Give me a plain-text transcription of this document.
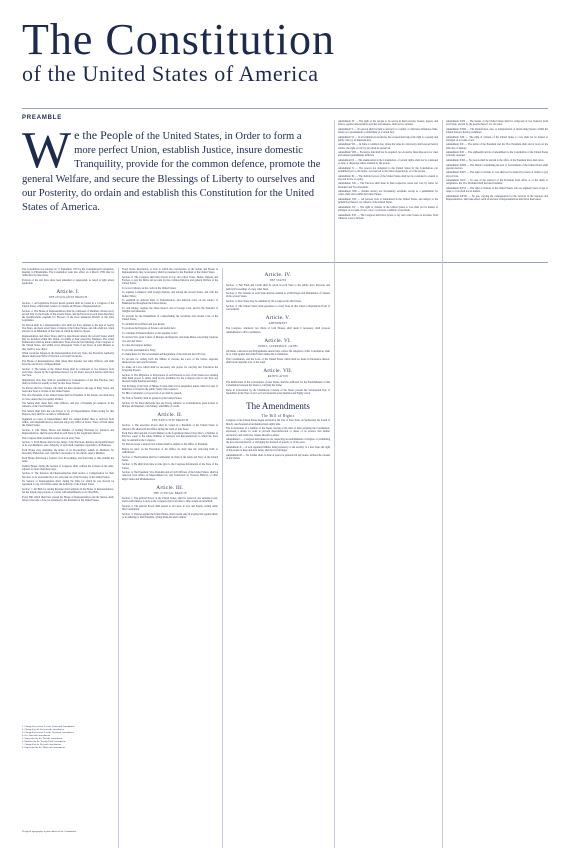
The Constitution
of the United States of America
PREAMBLE
We the People of the United States, in Order to form a more perfect Union, establish Justice, insure domestic Tranquility, provide for the common defence, promote the general Welfare, and secure the Blessings of Liberty to ourselves and our Posterity, do ordain and establish this Constitution for the United States of America.

The Constitution was adopted on 17 September 1787 by the Constitutional Convention, meeting in Philadelphia. The Constitution went into effect on 4 March 1789 after its ratification by nine states.

Portions of the text have since been amended or superseded, as noted at right where applicable.

Article. I.
THE LEGISLATIVE BRANCH

Section. 1. All legislative Powers herein granted shall be vested in a Congress of the United States, which shall consist of a Senate and House of Representatives.

Section. 2. The House of Representatives shall be composed of Members chosen every second Year by the People of the several States, and the Electors in each State shall have the Qualifications requisite for Electors of the most numerous Branch of the State Legislature.

No Person shall be a Representative who shall not have attained to the Age of twenty five Years, and been seven Years a Citizen of the United States, and who shall not, when elected, be an Inhabitant of that State in which he shall be chosen.

Representatives and direct Taxes shall be apportioned among the several States which may be included within this Union, according to their respective Numbers. The actual Enumeration shall be made within three Years after the first Meeting of the Congress of the United States, and within every subsequent Term of ten Years, in such Manner as they shall by Law direct.

When vacancies happen in the Representation from any State, the Executive Authority thereof shall issue Writs of Election to fill such Vacancies.

The House of Representatives shall chuse their Speaker and other Officers; and shall have the sole Power of Impeachment.

Section. 3. The Senate of the United States shall be composed of two Senators from each State, chosen by the Legislature thereof, for six Years; and each Senator shall have one Vote.

Immediately after they shall be assembled in Consequence of the first Election, they shall be divided as equally as may be into three Classes.

No Person shall be a Senator who shall not have attained to the Age of thirty Years, and been nine Years a Citizen of the United States.

The Vice President of the United States shall be President of the Senate, but shall have no Vote, unless they be equally divided.

The Senate shall chuse their other Officers, and also a President pro tempore, in the Absence of the Vice President.

The Senate shall have the sole Power to try all Impeachments. When sitting for that Purpose, they shall be on Oath or Affirmation.

Judgment in Cases of Impeachment shall not extend further than to removal from Office, and disqualification to hold and enjoy any Office of honor, Trust or Profit under the United States.

Section. 4. The Times, Places and Manner of holding Elections for Senators and Representatives, shall be prescribed in each State by the Legislature thereof.

The Congress shall assemble at least once in every Year.

Section. 5. Each House shall be the Judge of the Elections, Returns and Qualifications of its own Members, and a Majority of each shall constitute a Quorum to do Business.

Each House may determine the Rules of its Proceedings, punish its Members for disorderly Behaviour, and, with the Concurrence of two thirds, expel a Member.

Each House shall keep a Journal of its Proceedings, and from time to time publish the same.

Neither House, during the Session of Congress, shall, without the Consent of the other, adjourn for more than three days.

Section. 6. The Senators and Representatives shall receive a Compensation for their Services, to be ascertained by Law, and paid out of the Treasury of the United States.

No Senator or Representative shall, during the Time for which he was elected, be appointed to any civil Office under the Authority of the United States.

Section. 7. All Bills for raising Revenue shall originate in the House of Representatives; but the Senate may propose or concur with Amendments as on other Bills.

Every Bill which shall have passed the House of Representatives and the Senate, shall, before it become a Law, be presented to the President of the United States.

Every Order, Resolution, or Vote to which the Concurrence of the Senate and House of Representatives may be necessary shall be presented to the President of the United States.

Section. 8. The Congress shall have Power To lay and collect Taxes, Duties, Imposts and Excises, to pay the Debts and provide for the common Defence and general Welfare of the United States;

To borrow Money on the credit of the United States;

To regulate Commerce with foreign Nations, and among the several States, and with the Indian Tribes;

To establish an uniform Rule of Naturalization, and uniform Laws on the subject of Bankruptcies throughout the United States;

To coin Money, regulate the Value thereof, and of foreign Coin, and fix the Standard of Weights and Measures;

To provide for the Punishment of counterfeiting the Securities and current Coin of the United States;

To establish Post Offices and post Roads;

To promote the Progress of Science and useful Arts;

To constitute Tribunals inferior to the supreme Court;

To declare War, grant Letters of Marque and Reprisal, and make Rules concerning Captures on Land and Water;

To raise and support Armies;

To provide and maintain a Navy;

To make Rules for the Government and Regulation of the land and naval Forces;

To provide for calling forth the Militia to execute the Laws of the Union, suppress Insurrections and repel Invasions;

To make all Laws which shall be necessary and proper for carrying into Execution the foregoing Powers.

Section. 9. The Migration or Importation of such Persons as any of the States now existing shall think proper to admit, shall not be prohibited by the Congress prior to the Year one thousand eight hundred and eight.

The Privilege of the Writ of Habeas Corpus shall not be suspended, unless when in Cases of Rebellion or Invasion the public Safety may require it.

No Bill of Attainder or ex post facto Law shall be passed.

No Title of Nobility shall be granted by the United States.

Section. 10. No State shall enter into any Treaty, Alliance, or Confederation; grant Letters of Marque and Reprisal; coin Money; emit Bills of Credit.

Article. II.
THE EXECUTIVE BRANCH

Section. 1. The executive Power shall be vested in a President of the United States of America. He shall hold his Office during the Term of four Years.

Each State shall appoint, in such Manner as the Legislature thereof may direct, a Number of Electors, equal to the whole Number of Senators and Representatives to which the State may be entitled in the Congress.

No Person except a natural born Citizen shall be eligible to the Office of President.

Before he enter on the Execution of his Office, he shall take the following Oath or Affirmation.

Section. 2. The President shall be Commander in Chief of the Army and Navy of the United States.

Section. 3. He shall from time to time give to the Congress Information of the State of the Union.

Section. 4. The President, Vice President and all civil Officers of the United States, shall be removed from Office on Impeachment for, and Conviction of, Treason, Bribery, or other high Crimes and Misdemeanors.

Article. III.
THE JUDICIAL BRANCH

Section. 1. The judicial Power of the United States, shall be vested in one supreme Court, and in such inferior Courts as the Congress may from time to time ordain and establish.

Section. 2. The judicial Power shall extend to all Cases, in Law and Equity, arising under this Constitution.

Section. 3. Treason against the United States, shall consist only in levying War against them, or in adhering to their Enemies, giving them Aid and Comfort.

Article. IV.
THE STATES

Section. 1. Full Faith and Credit shall be given in each State to the public Acts, Records, and judicial Proceedings of every other State.

Section. 2. The Citizens of each State shall be entitled to all Privileges and Immunities of Citizens in the several States.

Section. 3. New States may be admitted by the Congress into this Union.

Section. 4. The United States shall guarantee to every State in this Union a Republican Form of Government.

Article. V.
AMENDMENT

The Congress, whenever two thirds of both Houses shall deem it necessary, shall propose Amendments to this Constitution.

Article. VI.
DEBTS, SUPREMACY, OATHS

All Debts contracted and Engagements entered into, before the Adoption of this Constitution, shall be as valid against the United States under this Constitution.

This Constitution, and the Laws of the United States which shall be made in Pursuance thereof, shall be the supreme Law of the Land.

Article. VII.
RATIFICATION

The Ratification of the Conventions of nine States, shall be sufficient for the Establishment of this Constitution between the States so ratifying the Same.

Done in Convention by the Unanimous Consent of the States present the Seventeenth Day of September in the Year of our Lord one thousand seven hundred and Eighty seven.

The Amendments
The Bill of Rights

Congress of the United States begun and held at the City of New-York, on Wednesday the fourth of March, one thousand seven hundred and eighty nine.

The Conventions of a number of the States, having at the time of their adopting the Constitution, expressed a desire, in order to prevent misconstruction or abuse of its powers, that further declaratory and restrictive clauses should be added.

Amendment I — Congress shall make no law respecting an establishment of religion, or prohibiting the free exercise thereof; or abridging the freedom of speech, or of the press.

Amendment II — A well regulated Militia, being necessary to the security of a free State, the right of the people to keep and bear Arms, shall not be infringed.

Amendment III — No Soldier shall, in time of peace be quartered in any house, without the consent of the Owner.

Amendment IV — The right of the people to be secure in their persons, houses, papers, and effects, against unreasonable searches and seizures, shall not be violated.

Amendment V — No person shall be held to answer for a capital, or otherwise infamous crime, unless on a presentment or indictment of a Grand Jury.

Amendment VI — In all criminal prosecutions, the accused shall enjoy the right to a speedy and public trial, by an impartial jury.

Amendment VII — In Suits at common law, where the value in controversy shall exceed twenty dollars, the right of trial by jury shall be preserved.

Amendment VIII — Excessive bail shall not be required, nor excessive fines imposed, nor cruel and unusual punishments inflicted.

Amendment IX — The enumeration in the Constitution, of certain rights, shall not be construed to deny or disparage others retained by the people.

Amendment X — The powers not delegated to the United States by the Constitution, nor prohibited by it to the States, are reserved to the States respectively, or to the people.

Amendment XI — The Judicial power of the United States shall not be construed to extend to any suit in law or equity.

Amendment XII — The Electors shall meet in their respective states and vote by ballot for President and Vice-President.

Amendment XIII — Neither slavery nor involuntary servitude, except as a punishment for crime, shall exist within the United States.

Amendment XIV — All persons born or naturalized in the United States, and subject to the jurisdiction thereof, are citizens of the United States.

Amendment XV — The right of citizens of the United States to vote shall not be denied or abridged on account of race, color, or previous condition of servitude.

Amendment XVI — The Congress shall have power to lay and collect taxes on incomes, from whatever source derived.

Amendment XVII — The Senate of the United States shall be composed of two Senators from each State, elected by the people thereof, for six years.

Amendment XVIII — The manufacture, sale, or transportation of intoxicating liquors within the United States is hereby prohibited.

Amendment XIX — The right of citizens of the United States to vote shall not be denied or abridged on account of sex.

Amendment XX — The terms of the President and the Vice President shall end at noon on the 20th day of January.

Amendment XXI — The eighteenth article of amendment to the Constitution of the United States is hereby repealed.

Amendment XXII — No person shall be elected to the office of the President more than twice.

Amendment XXIII — The District constituting the seat of Government of the United States shall appoint electors.

Amendment XXIV — The right of citizens to vote shall not be denied by reason of failure to pay any poll tax.

Amendment XXV — In case of the removal of the President from office or of his death or resignation, the Vice President shall become President.

Amendment XXVI — The right of citizens of the United States, who are eighteen years of age or older, to vote shall not be denied.

Amendment XXVII — No law, varying the compensation for the services of the Senators and Representatives, shall take effect, until an election of Representatives shall have intervened.

1. Changed by section 2 of the Fourteenth Amendment.

2. Changed by the Seventeenth Amendment.

3. Changed by section 2 of the Twentieth Amendment.

4. See Sixteenth Amendment.

5. Superseded by the Twelfth Amendment.

6. Modified by the Twenty-Fifth Amendment.

7. Changed by the Eleventh Amendment.

8. Superseded by the Thirteenth Amendment.

Design & typography: a print edition of the Constitution.
